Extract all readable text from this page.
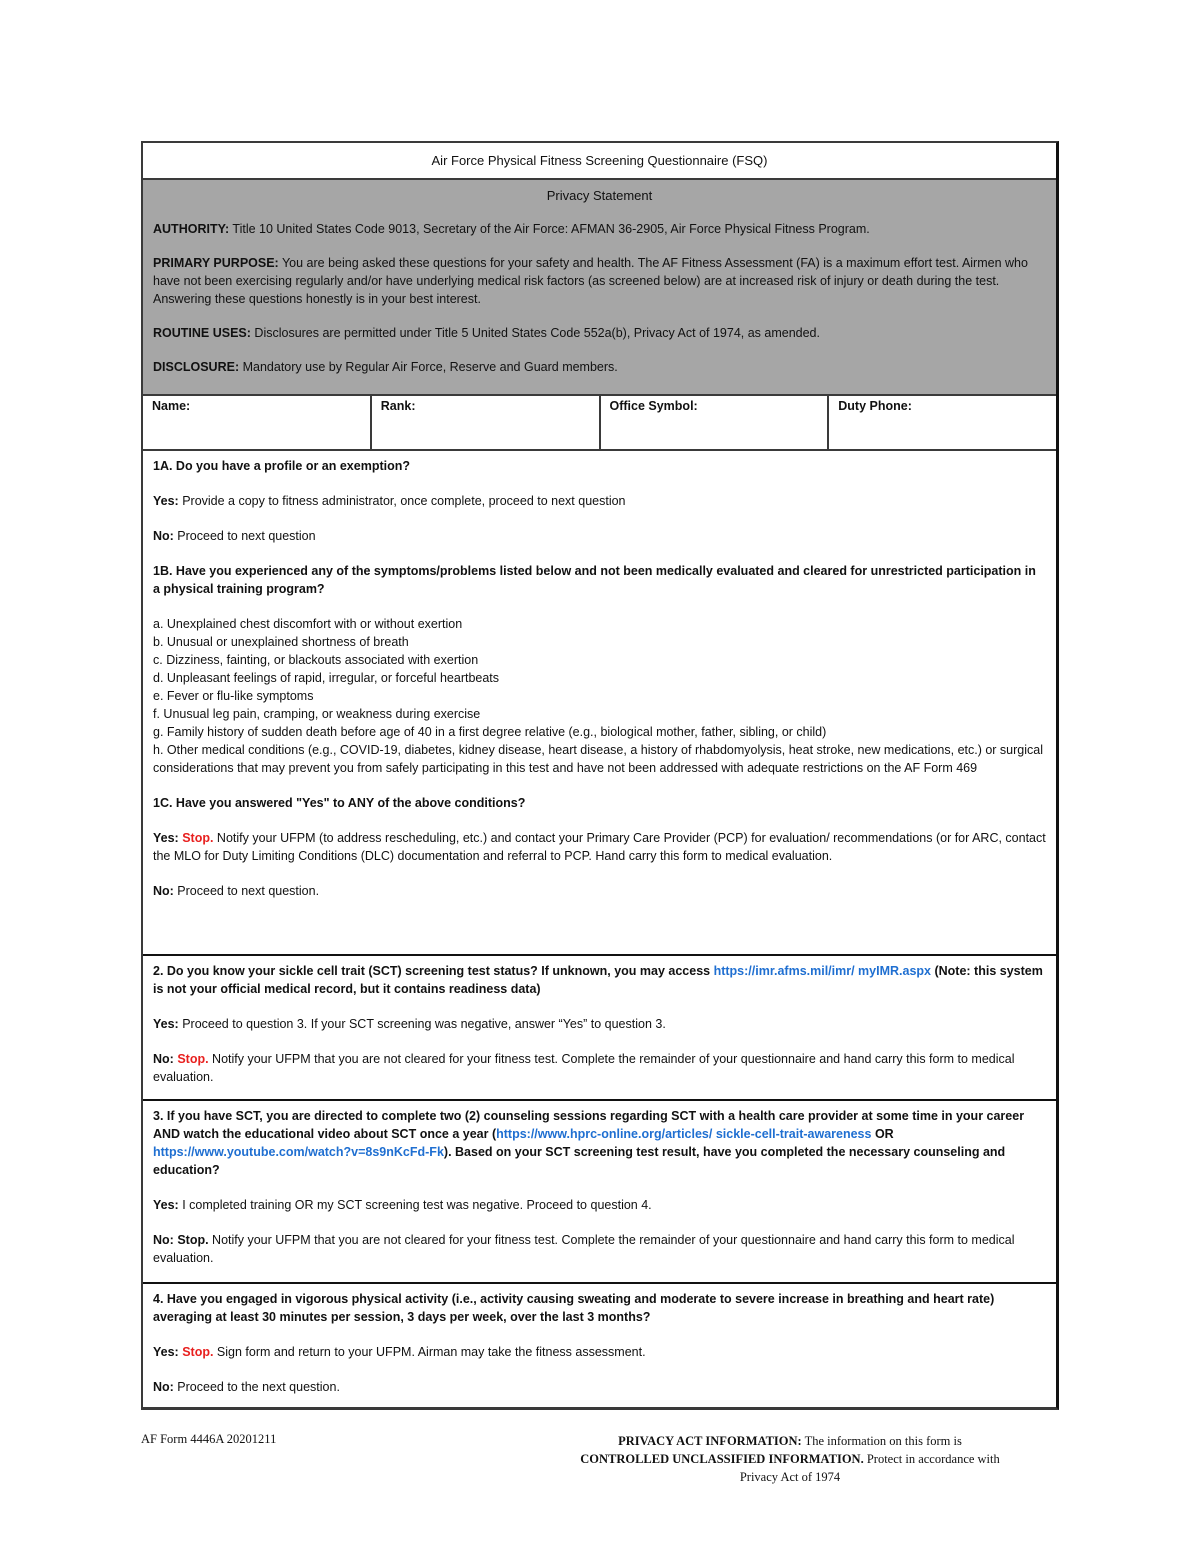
Air Force Physical Fitness Screening Questionnaire (FSQ)
Privacy Statement

AUTHORITY: Title 10 United States Code 9013, Secretary of the Air Force: AFMAN 36-2905, Air Force Physical Fitness Program.

PRIMARY PURPOSE: You are being asked these questions for your safety and health. The AF Fitness Assessment (FA) is a maximum effort test. Airmen who have not been exercising regularly and/or have underlying medical risk factors (as screened below) are at increased risk of injury or death during the test. Answering these questions honestly is in your best interest.

ROUTINE USES: Disclosures are permitted under Title 5 United States Code 552a(b), Privacy Act of 1974, as amended.

DISCLOSURE: Mandatory use by Regular Air Force, Reserve and Guard members.

Name:	Rank:	Office Symbol:	Duty Phone:

1A. Do you have a profile or an exemption?

Yes: Provide a copy to fitness administrator, once complete, proceed to next question

No: Proceed to next question

1B. Have you experienced any of the symptoms/problems listed below and not been medically evaluated and cleared for unrestricted participation in a physical training program?

a. Unexplained chest discomfort with or without exertion

b. Unusual or unexplained shortness of breath

c. Dizziness, fainting, or blackouts associated with exertion

d. Unpleasant feelings of rapid, irregular, or forceful heartbeats

e. Fever or flu-like symptoms

f. Unusual leg pain, cramping, or weakness during exercise

g. Family history of sudden death before age of 40 in a first degree relative (e.g., biological mother, father, sibling, or child)

h. Other medical conditions (e.g., COVID-19, diabetes, kidney disease, heart disease, a history of rhabdomyolysis, heat stroke, new medications, etc.) or surgical considerations that may prevent you from safely participating in this test and have not been addressed with adequate restrictions on the AF Form 469

1C. Have you answered "Yes" to ANY of the above conditions?

Yes: Stop. Notify your UFPM (to address rescheduling, etc.) and contact your Primary Care Provider (PCP) for evaluation/ recommendations (or for ARC, contact the MLO for Duty Limiting Conditions (DLC) documentation and referral to PCP. Hand carry this form to medical evaluation.

No: Proceed to next question.

2. Do you know your sickle cell trait (SCT) screening test status? If unknown, you may access https://imr.afms.mil/imr/ myIMR.aspx (Note: this system is not your official medical record, but it contains readiness data)

Yes: Proceed to question 3. If your SCT screening was negative, answer “Yes” to question 3.

No: Stop. Notify your UFPM that you are not cleared for your fitness test. Complete the remainder of your questionnaire and hand carry this form to medical evaluation.

3. If you have SCT, you are directed to complete two (2) counseling sessions regarding SCT with a health care provider at some time in your career AND watch the educational video about SCT once a year (https://www.hprc-online.org/articles/ sickle-cell-trait-awareness OR https://www.youtube.com/watch?v=8s9nKcFd-Fk). Based on your SCT screening test result, have you completed the necessary counseling and education?

Yes: I completed training OR my SCT screening test was negative. Proceed to question 4.

No: Stop. Notify your UFPM that you are not cleared for your fitness test. Complete the remainder of your questionnaire and hand carry this form to medical evaluation.

4. Have you engaged in vigorous physical activity (i.e., activity causing sweating and moderate to severe increase in breathing and heart rate) averaging at least 30 minutes per session, 3 days per week, over the last 3 months?

Yes: Stop. Sign form and return to your UFPM. Airman may take the fitness assessment.

No: Proceed to the next question.

AF Form 4446A 20201211	PRIVACY ACT INFORMATION: The information on this form is
CONTROLLED UNCLASSIFIED INFORMATION. Protect in accordance with
Privacy Act of 1974
